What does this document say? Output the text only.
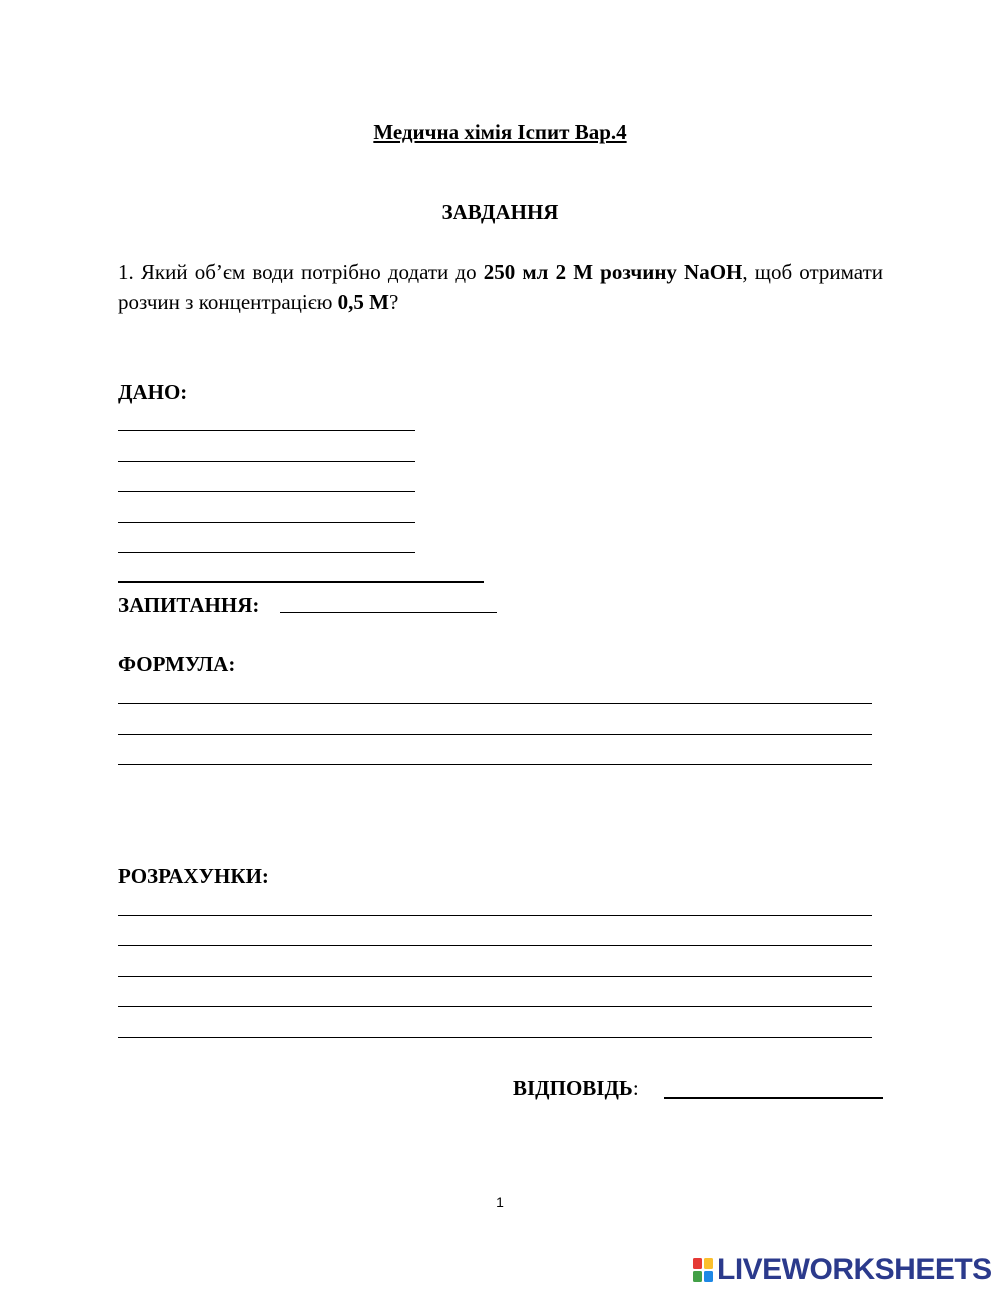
Медична хімія Іспит Вар.4
ЗАВДАННЯ
1. Який об’єм води потрібно додати до 250 мл 2 М розчину NaOH, щоб отримати розчин з концентрацією 0,5 М?
ДАНО:
ЗАПИТАННЯ:
ФОРМУЛА:
РОЗРАХУНКИ:
ВІДПОВІДЬ:
1
LIVEWORKSHEETS
